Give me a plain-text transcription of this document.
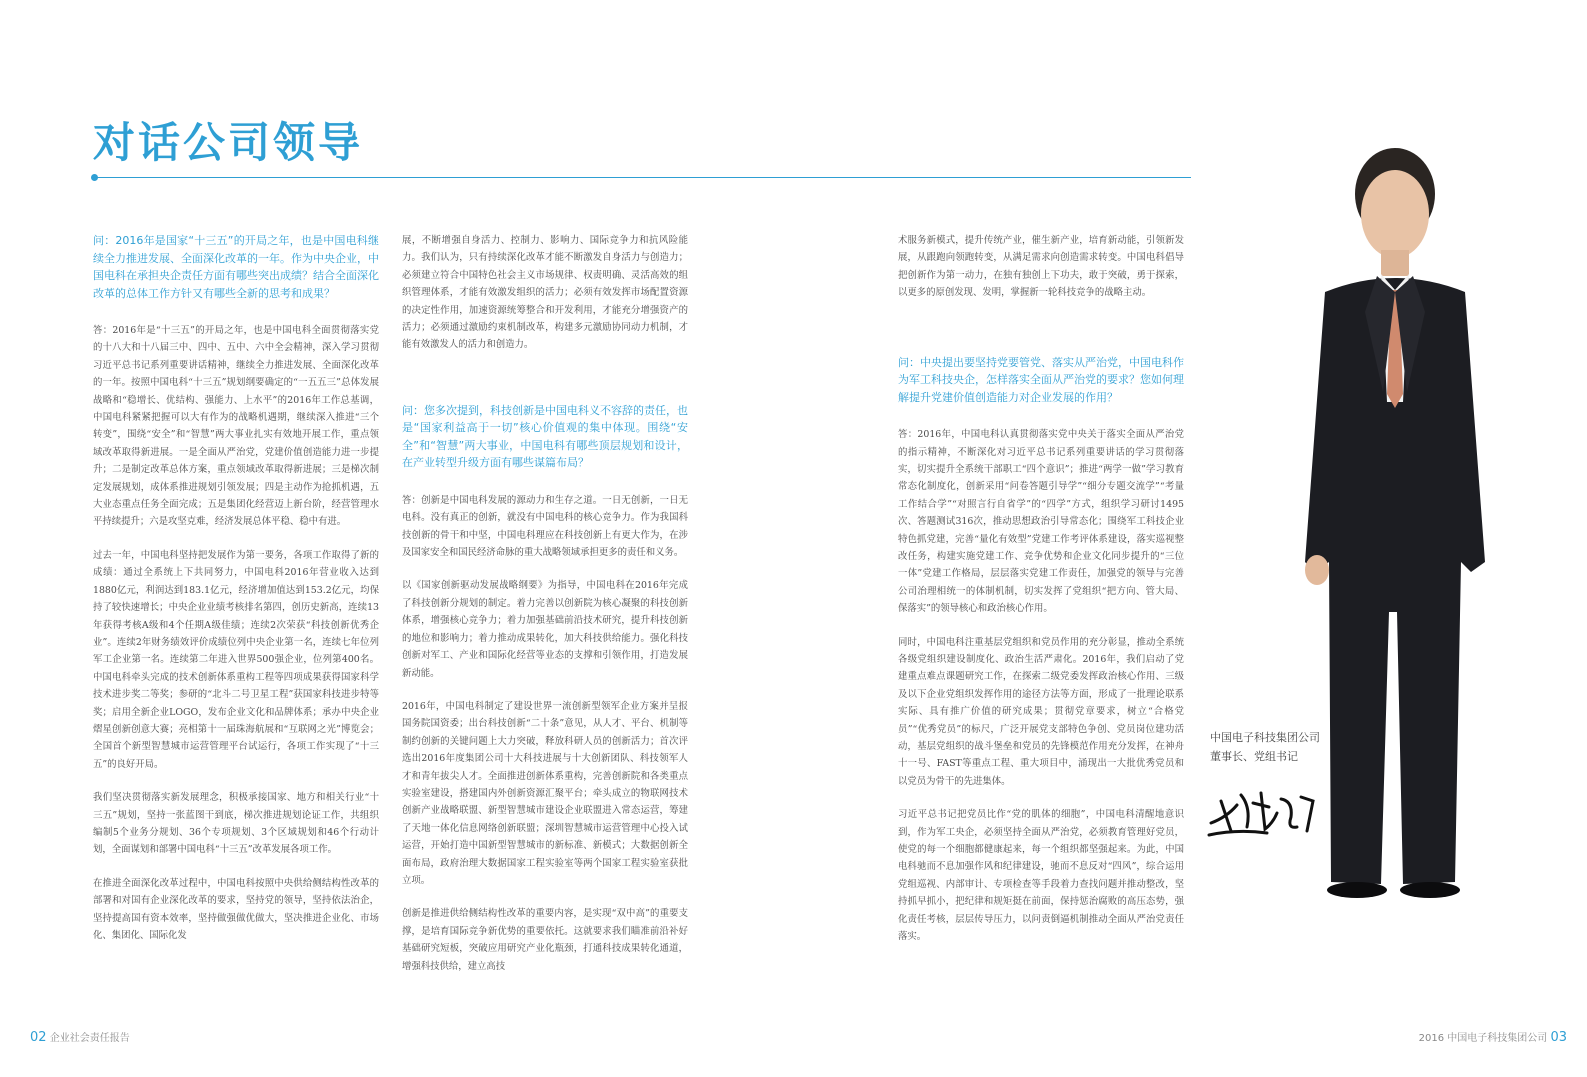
对话公司领导

问：2016年是国家“十三五”的开局之年，也是中国电科继续全力推进发展、全面深化改革的一年。作为中央企业，中国电科在承担央企责任方面有哪些突出成绩？结合全面深化改革的总体工作方针又有哪些全新的思考和成果？

答：2016年是“十三五”的开局之年，也是中国电科全面贯彻落实党的十八大和十八届三中、四中、五中、六中全会精神，深入学习贯彻习近平总书记系列重要讲话精神，继续全力推进发展、全面深化改革的一年。按照中国电科“十三五”规划纲要确定的“一五五三”总体发展战略和“稳增长、优结构、强能力、上水平”的2016年工作总基调，中国电科紧紧把握可以大有作为的战略机遇期，继续深入推进“三个转变”，围绕“安全”和“智慧”两大事业扎实有效地开展工作，重点领域改革取得新进展。一是全面从严治党，党建价值创造能力进一步提升；二是制定改革总体方案，重点领域改革取得新进展；三是梯次制定发展规划，成体系推进规划引领发展；四是主动作为抢抓机遇，五大业态重点任务全面完成；五是集团化经营迈上新台阶，经营管理水平持续提升；六是攻坚克难，经济发展总体平稳、稳中有进。

过去一年，中国电科坚持把发展作为第一要务，各项工作取得了新的成绩：通过全系统上下共同努力，中国电科2016年营业收入达到1880亿元，利润达到183.1亿元，经济增加值达到153.2亿元，均保持了较快速增长；中央企业业绩考核排名第四，创历史新高，连续13年获得考核A级和4个任期A级佳绩；连续2次荣获“科技创新优秀企业”。连续2年财务绩效评价成绩位列中央企业第一名，连续七年位列军工企业第一名。连续第二年进入世界500强企业，位列第400名。中国电科牵头完成的技术创新体系重构工程等四项成果获得国家科学技术进步奖二等奖；参研的“北斗二号卫星工程”获国家科技进步特等奖；启用全新企业LOGO，发布企业文化和品牌体系；承办中央企业熠星创新创意大赛；亮相第十一届珠海航展和“互联网之光”博览会；全国首个新型智慧城市运营管理平台试运行，各项工作实现了“十三五”的良好开局。

我们坚决贯彻落实新发展理念，积极承接国家、地方和相关行业“十三五”规划，坚持一张蓝图干到底，梯次推进规划论证工作，共组织编制5个业务分规划、36个专项规划、3个区域规划和46个行动计划，全面谋划和部署中国电科“十三五”改革发展各项工作。

在推进全面深化改革过程中，中国电科按照中央供给侧结构性改革的部署和对国有企业深化改革的要求，坚持党的领导，坚持依法治企，坚持提高国有资本效率，坚持做强做优做大，坚决推进企业化、市场化、集团化、国际化发

展，不断增强自身活力、控制力、影响力、国际竞争力和抗风险能力。我们认为，只有持续深化改革才能不断激发自身活力与创造力；必须建立符合中国特色社会主义市场规律、权责明确、灵活高效的组织管理体系，才能有效激发组织的活力；必须有效发挥市场配置资源的决定性作用，加速资源统筹整合和开发利用，才能充分增强资产的活力；必须通过激励约束机制改革，构建多元激励协同动力机制，才能有效激发人的活力和创造力。

问：您多次提到，科技创新是中国电科义不容辞的责任，也是“国家利益高于一切”核心价值观的集中体现。围绕“安全”和“智慧”两大事业，中国电科有哪些顶层规划和设计，在产业转型升级方面有哪些谋篇布局？

答：创新是中国电科发展的源动力和生存之道。一日无创新，一日无电科。没有真正的创新，就没有中国电科的核心竞争力。作为我国科技创新的骨干和中坚，中国电科理应在科技创新上有更大作为，在涉及国家安全和国民经济命脉的重大战略领域承担更多的责任和义务。

以《国家创新驱动发展战略纲要》为指导，中国电科在2016年完成了科技创新分规划的制定。着力完善以创新院为核心凝聚的科技创新体系，增强核心竞争力；着力加强基础前沿技术研究，提升科技创新的地位和影响力；着力推动成果转化，加大科技供给能力。强化科技创新对军工、产业和国际化经营等业态的支撑和引领作用，打造发展新动能。

2016年，中国电科制定了建设世界一流创新型领军企业方案并呈报国务院国资委；出台科技创新“二十条”意见，从人才、平台、机制等制约创新的关键问题上大力突破，释放科研人员的创新活力；首次评选出2016年度集团公司十大科技进展与十大创新团队、科技领军人才和青年拔尖人才。全面推进创新体系重构，完善创新院和各类重点实验室建设，搭建国内外创新资源汇聚平台；牵头成立的物联网技术创新产业战略联盟、新型智慧城市建设企业联盟进入常态运营，筹建了天地一体化信息网络创新联盟；深圳智慧城市运营管理中心投入试运营，开始打造中国新型智慧城市的新标准、新模式；大数据创新全面布局，政府治理大数据国家工程实验室等两个国家工程实验室获批立项。

创新是推进供给侧结构性改革的重要内容，是实现“双中高”的重要支撑，是培育国际竞争新优势的重要依托。这就要求我们瞄准前沿补好基础研究短板，突破应用研究产业化瓶颈，打通科技成果转化通道，增强科技供给，建立高技

术服务新模式，提升传统产业，催生新产业，培育新动能，引领新发展，从跟跑向领跑转变，从满足需求向创造需求转变。中国电科倡导把创新作为第一动力，在独有独创上下功夫，敢于突破，勇于探索，以更多的原创发现、发明，掌握新一轮科技竞争的战略主动。

问：中央提出要坚持党要管党、落实从严治党，中国电科作为军工科技央企，怎样落实全面从严治党的要求？您如何理解提升党建价值创造能力对企业发展的作用？

答：2016年，中国电科认真贯彻落实党中央关于落实全面从严治党的指示精神，不断深化对习近平总书记系列重要讲话的学习贯彻落实，切实提升全系统干部职工“四个意识”；推进“两学一做”学习教育常态化制度化，创新采用“问卷答题引导学”“细分专题交流学”“考量工作结合学”“对照言行自省学”的“四学”方式，组织学习研讨1495次、答题测试316次，推动思想政治引导常态化；围绕军工科技企业特色抓党建，完善“量化有效型”党建工作考评体系建设，落实巡视整改任务，构建实施党建工作、竞争优势和企业文化同步提升的“三位一体”党建工作格局，层层落实党建工作责任，加强党的领导与完善公司治理相统一的体制机制，切实发挥了党组织“把方向、管大局、保落实”的领导核心和政治核心作用。

同时，中国电科注重基层党组织和党员作用的充分彰显，推动全系统各级党组织建设制度化、政治生活严肃化。2016年，我们启动了党建重点难点课题研究工作，在探索二级党委发挥政治核心作用、三级及以下企业党组织发挥作用的途径方法等方面，形成了一批理论联系实际、具有推广价值的研究成果；贯彻党章要求，树立“合格党员”“优秀党员”的标尺，广泛开展党支部特色争创、党员岗位建功活动，基层党组织的战斗堡垒和党员的先锋模范作用充分发挥，在神舟十一号、FAST等重点工程、重大项目中，涌现出一大批优秀党员和以党员为骨干的先进集体。

习近平总书记把党员比作“党的肌体的细胞”，中国电科清醒地意识到，作为军工央企，必须坚持全面从严治党，必须教育管理好党员，使党的每一个细胞都健康起来，每一个组织都坚强起来。为此，中国电科驰而不息加强作风和纪律建设，驰而不息反对“四风”，综合运用党组巡视、内部审计、专项检查等手段着力查找问题并推动整改，坚持抓早抓小，把纪律和规矩挺在前面，保持惩治腐败的高压态势，强化责任考核，层层传导压力，以问责倒逼机制推动全面从严治党责任落实。

中国电子科技集团公司
董事长、党组书记
02 企业社会责任报告	2016 中国电子科技集团公司 03
